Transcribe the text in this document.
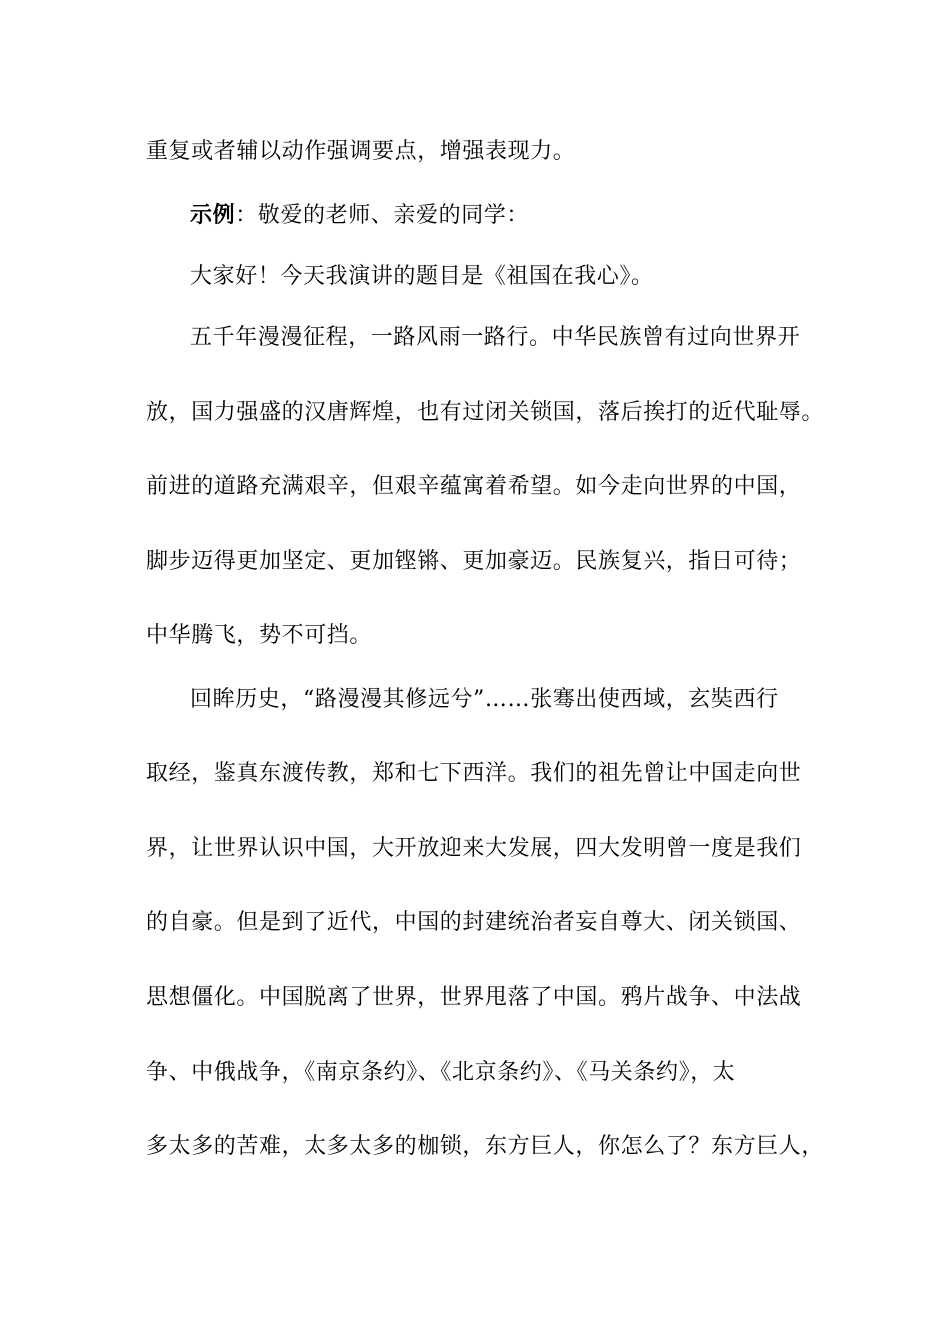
重复或者辅以动作强调要点，增强表现力。
示例：敬爱的老师、亲爱的同学：
大家好！今天我演讲的题目是《祖国在我心》。
五千年漫漫征程，一路风雨一路行。中华民族曾有过向世界开
放，国力强盛的汉唐辉煌，也有过闭关锁国，落后挨打的近代耻辱。
前进的道路充满艰辛，但艰辛蕴寓着希望。如今走向世界的中国，
脚步迈得更加坚定、更加铿锵、更加豪迈。民族复兴，指日可待；
中华腾飞，势不可挡。
回眸历史，“路漫漫其修远兮”……张骞出使西域，玄奘西行
取经，鉴真东渡传教，郑和七下西洋。我们的祖先曾让中国走向世
界，让世界认识中国，大开放迎来大发展，四大发明曾一度是我们
的自豪。但是到了近代，中国的封建统治者妄自尊大、闭关锁国、
思想僵化。中国脱离了世界，世界甩落了中国。鸦片战争、中法战
争、中俄战争，《南京条约》、《北京条约》、《马关条约》，太
多太多的苦难，太多太多的枷锁，东方巨人，你怎么了？东方巨人，
